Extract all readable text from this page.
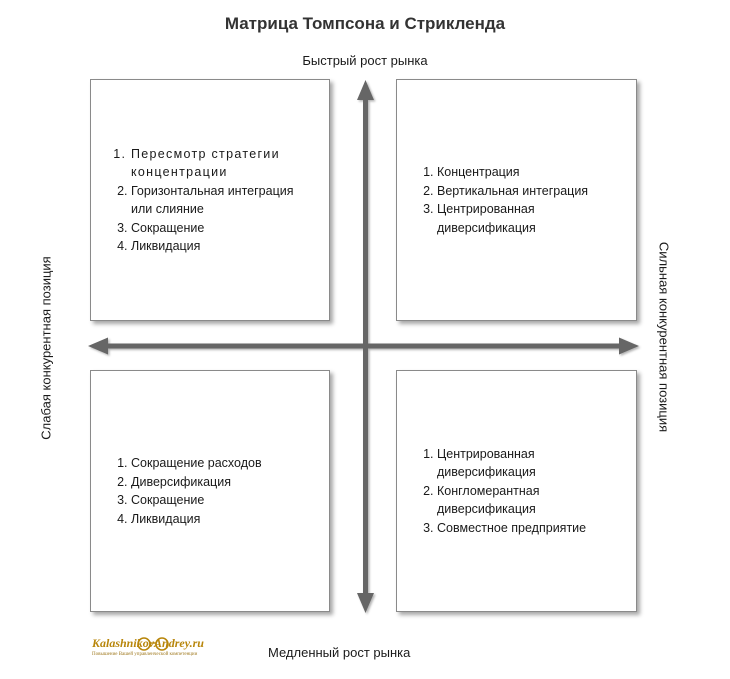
Матрица Томпсона и Стрикленда
Быстрый рост рынка
Медленный рост рынка
Слабая конкурентная позиция	Сильная конкурентная позиция
1. Пересмотр стратегии концентрации
2. Горизонтальная интеграция или слияние
3. Сокращение
4. Ликвидация
1. Концентрация
2. Вертикальная интеграция
3. Центрированная диверсификация
1. Сокращение расходов
2. Диверсификация
3. Сокращение
4. Ликвидация
1. Центрированная диверсификация
2. Конгломерантная диверсификация
3. Совместное предприятие
KalashnikovAndrey.ru
Повышение Вашей управленческой компетенции
